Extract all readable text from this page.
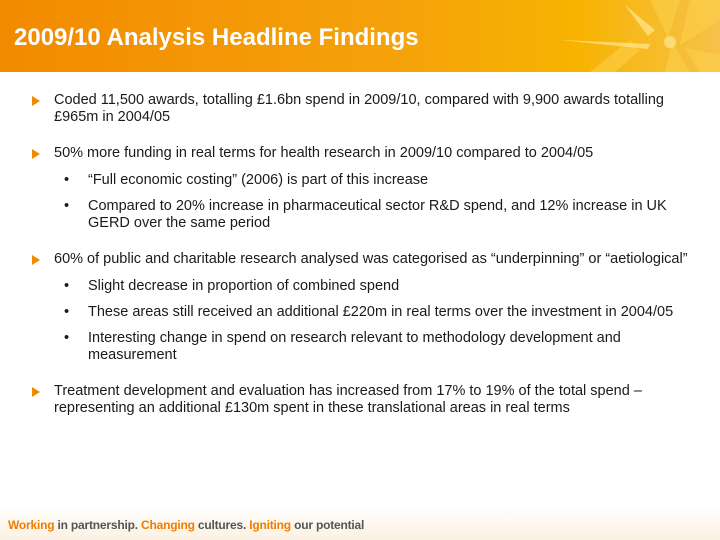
2009/10 Analysis Headline Findings
Coded 11,500 awards, totalling £1.6bn spend in 2009/10, compared with 9,900 awards totalling £965m in 2004/05
50% more funding in real terms for health research in 2009/10 compared to 2004/05
• “Full economic costing” (2006) is part of this increase
• Compared to 20% increase in pharmaceutical sector R&D spend, and 12% increase in UK GERD over the same period
60% of public and charitable research analysed was categorised as “underpinning” or “aetiological”
• Slight decrease in proportion of combined spend
• These areas still received an additional £220m in real terms over the investment in 2004/05
• Interesting change in spend on research relevant to methodology development and measurement
Treatment development and evaluation has increased from 17% to 19% of the total spend – representing an additional £130m spent in these translational areas in real terms
Working in partnership. Changing cultures. Igniting our potential
